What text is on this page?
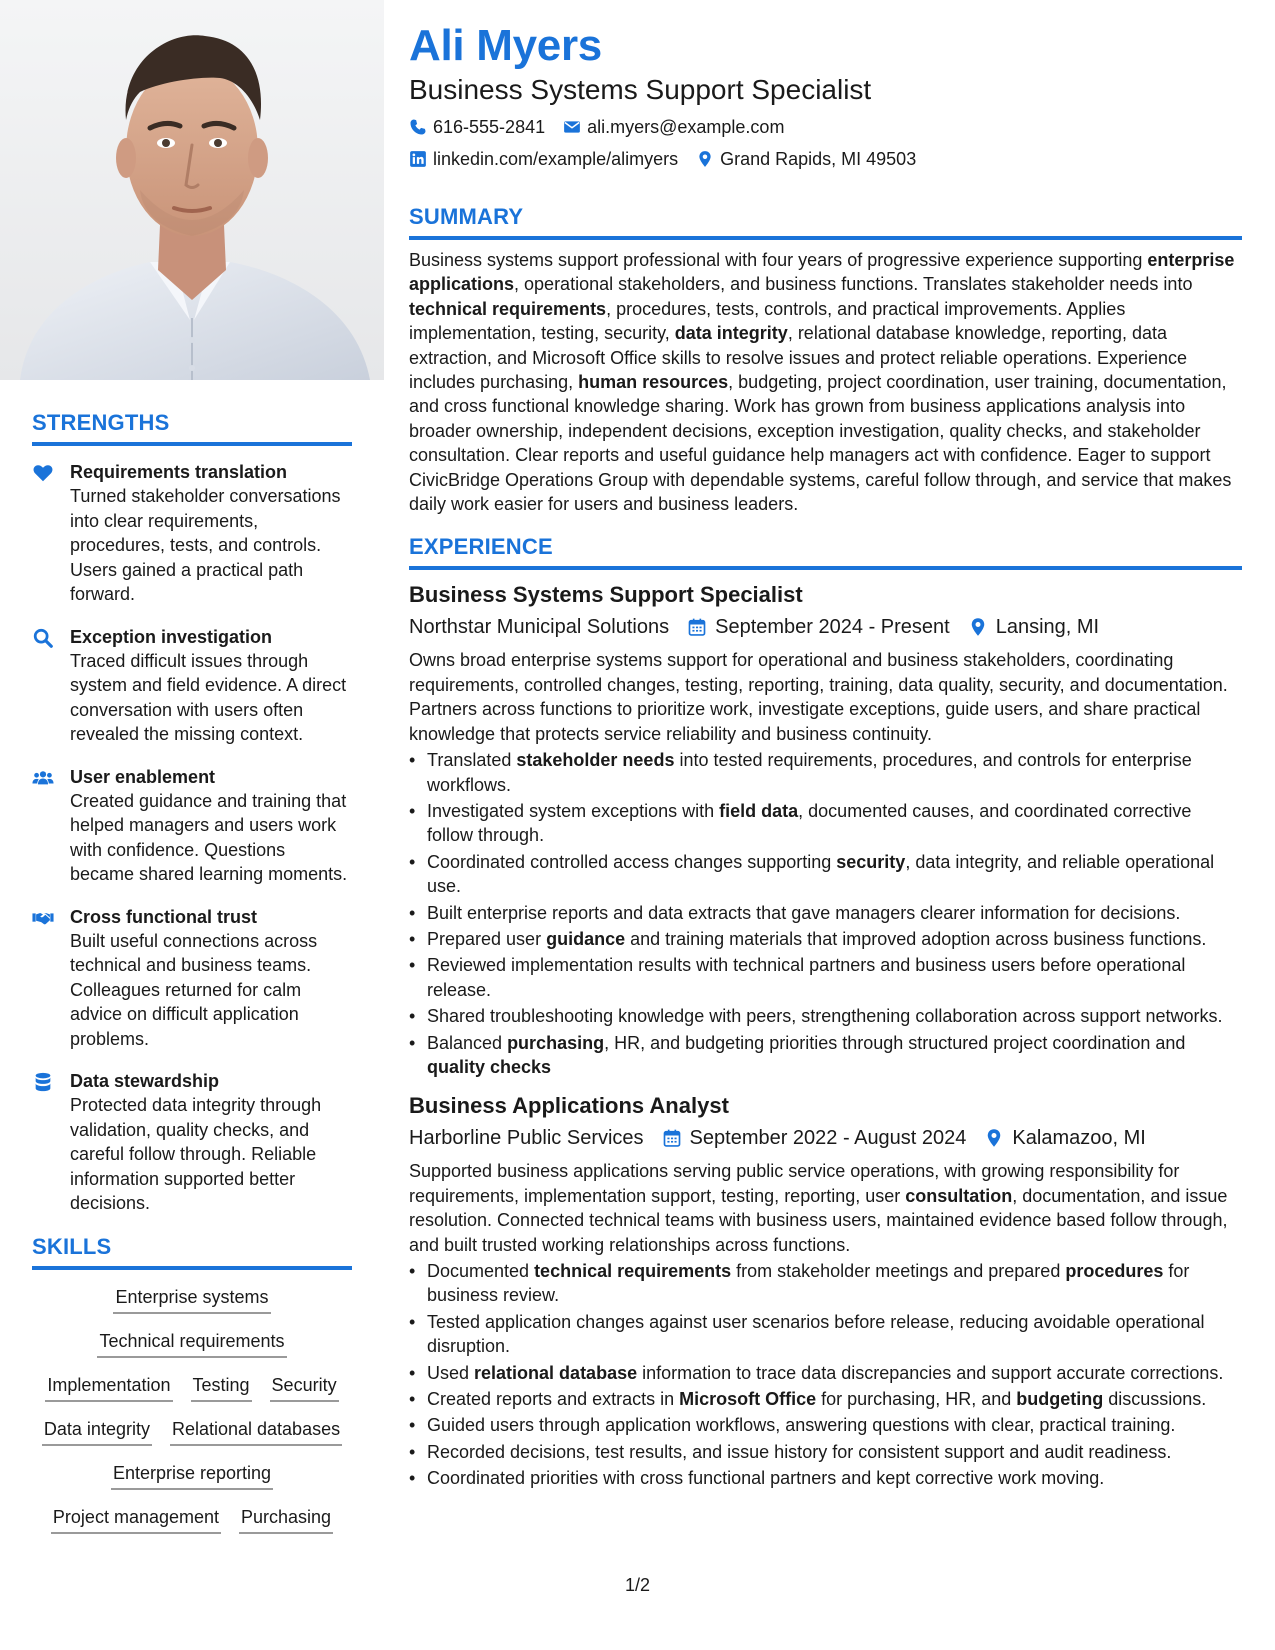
STRENGTHS
Requirements translation
Turned stakeholder conversations into clear requirements, procedures, tests, and controls. Users gained a practical path forward.
Exception investigation
Traced difficult issues through system and field evidence. A direct conversation with users often revealed the missing context.
User enablement
Created guidance and training that helped managers and users work with confidence. Questions became shared learning moments.
Cross functional trust
Built useful connections across technical and business teams. Colleagues returned for calm advice on difficult application problems.
Data stewardship
Protected data integrity through validation, quality checks, and careful follow through. Reliable information supported better decisions.
SKILLS
Enterprise systems
Technical requirements
Implementation Testing Security
Data integrity Relational databases
Enterprise reporting
Project management Purchasing
Ali Myers
Business Systems Support Specialist
616-555-2841 ali.myers@example.com
linkedin.com/example/alimyers Grand Rapids, MI 49503
SUMMARY
Business systems support professional with four years of progressive experience supporting enterprise applications, operational stakeholders, and business functions. Translates stakeholder needs into technical requirements, procedures, tests, controls, and practical improvements. Applies implementation, testing, security, data integrity, relational database knowledge, reporting, data extraction, and Microsoft Office skills to resolve issues and protect reliable operations. Experience includes purchasing, human resources, budgeting, project coordination, user training, documentation, and cross functional knowledge sharing. Work has grown from business applications analysis into broader ownership, independent decisions, exception investigation, quality checks, and stakeholder consultation. Clear reports and useful guidance help managers act with confidence. Eager to support CivicBridge Operations Group with dependable systems, careful follow through, and service that makes daily work easier for users and business leaders.
EXPERIENCE
Business Systems Support Specialist
Northstar Municipal Solutions September 2024 - Present Lansing, MI
Owns broad enterprise systems support for operational and business stakeholders, coordinating requirements, controlled changes, testing, reporting, training, data quality, security, and documentation. Partners across functions to prioritize work, investigate exceptions, guide users, and share practical knowledge that protects service reliability and business continuity.
• Translated stakeholder needs into tested requirements, procedures, and controls for enterprise workflows.
• Investigated system exceptions with field data, documented causes, and coordinated corrective follow through.
• Coordinated controlled access changes supporting security, data integrity, and reliable operational use.
• Built enterprise reports and data extracts that gave managers clearer information for decisions.
• Prepared user guidance and training materials that improved adoption across business functions.
• Reviewed implementation results with technical partners and business users before operational release.
• Shared troubleshooting knowledge with peers, strengthening collaboration across support networks.
• Balanced purchasing, HR, and budgeting priorities through structured project coordination and quality checks
Business Applications Analyst
Harborline Public Services September 2022 - August 2024 Kalamazoo, MI
Supported business applications serving public service operations, with growing responsibility for requirements, implementation support, testing, reporting, user consultation, documentation, and issue resolution. Connected technical teams with business users, maintained evidence based follow through, and built trusted working relationships across functions.
• Documented technical requirements from stakeholder meetings and prepared procedures for business review.
• Tested application changes against user scenarios before release, reducing avoidable operational disruption.
• Used relational database information to trace data discrepancies and support accurate corrections.
• Created reports and extracts in Microsoft Office for purchasing, HR, and budgeting discussions.
• Guided users through application workflows, answering questions with clear, practical training.
• Recorded decisions, test results, and issue history for consistent support and audit readiness.
• Coordinated priorities with cross functional partners and kept corrective work moving.
1/2
